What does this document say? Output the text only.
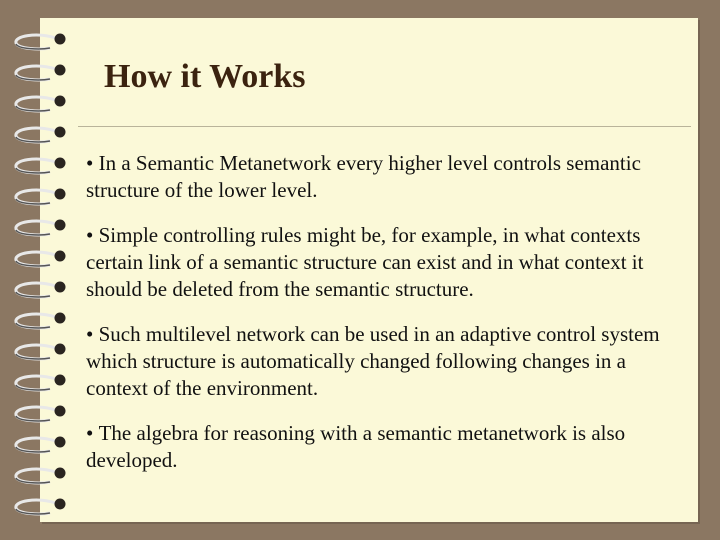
How it Works
• In a Semantic Metanetwork every higher level controls semantic structure of the lower level.
• Simple controlling rules might be, for example, in what contexts certain link of a semantic structure can exist and in what context it should be deleted from the semantic structure.
• Such multilevel network can be used in an adaptive control system which structure is automatically changed following changes in a context of the environment.
• The algebra for reasoning with a semantic metanetwork is also developed.
